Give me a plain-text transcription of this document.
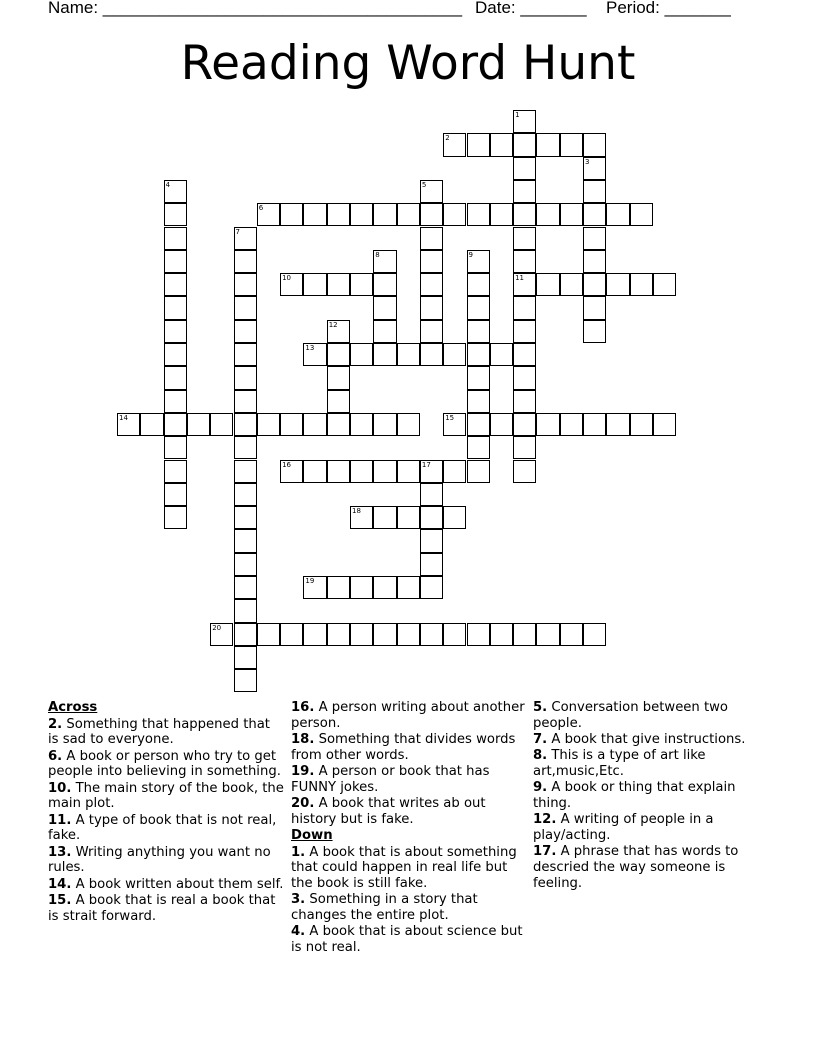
Name: ______________________________________ Date: _______ Period: _______
Reading Word Hunt
1
11
2
3
4	5
6
7
8	9
10
12
13
14	15
16	17
18
19
20
Across
2. Something that happened that is sad to everyone.
6. A book or person who try to get people into believing in something.
10. The main story of the book, the main plot.
11. A type of book that is not real, fake.
13. Writing anything you want no rules.
14. A book written about them self.
15. A book that is real a book that is strait forward.
16. A person writing about another person.
18. Something that divides words from other words.
19. A person or book that has FUNNY jokes.
20. A book that writes ab out history but is fake.
Down
1. A book that is about something that could happen in real life but the book is still fake.
3. Something in a story that changes the entire plot.
4. A book that is about science but is not real.
5. Conversation between two people.
7. A book that give instructions.
8. This is a type of art like art,music,Etc.
9. A book or thing that explain thing.
12. A writing of people in a play/acting.
17. A phrase that has words to descried the way someone is feeling.
